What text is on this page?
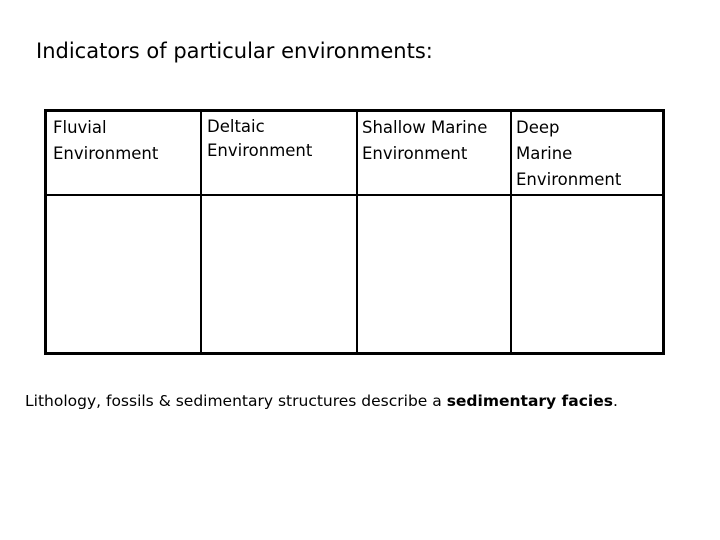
Indicators of particular environments:
Fluvial
Environment
Deltaic
Environment
Shallow Marine
Environment
Deep
Marine
Environment
Lithology, fossils & sedimentary structures describe a sedimentary facies.
